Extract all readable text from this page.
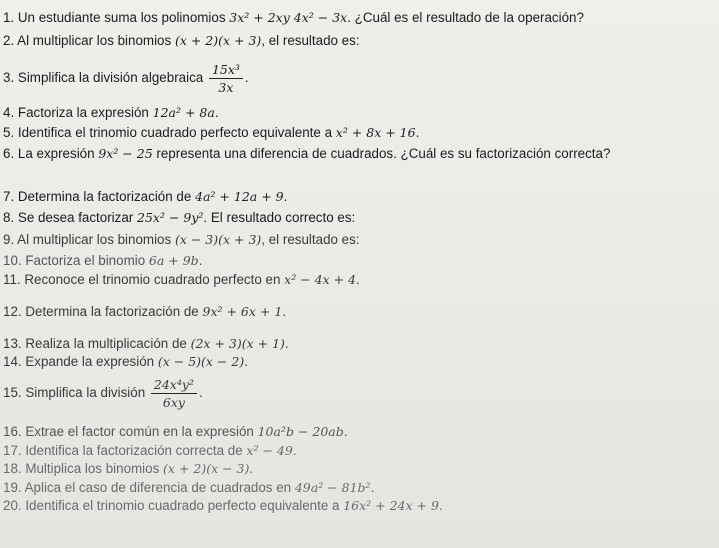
1. Un estudiante suma los polinomios 3x² + 2xy 4x² − 3x. ¿Cuál es el resultado de la operación?
2. Al multiplicar los binomios (x + 2)(x + 3), el resultado es:
3. Simplifica la división algebraica $\frac{\text{15x³}}{3x}$ .
4. Factoriza la expresión 12a² + 8a.
5. Identifica el trinomio cuadrado perfecto equivalente a x² + 8x + 16.
6. La expresión 9x² − 25 representa una diferencia de cuadrados. ¿Cuál es su factorización correcta?
7. Determina la factorización de 4a² + 12a + 9.
8. Se desea factorizar 25x² − 9y². El resultado correcto es:
9. Al multiplicar los binomios (x − 3)(x + 3), el resultado es:
10. Factoriza el binomio 6a + 9b.
11. Reconoce el trinomio cuadrado perfecto en x² − 4x + 4.
12. Determina la factorización de 9x² + 6x + 1.
13. Realiza la multiplicación de (2x + 3)(x + 1).
14. Expande la expresión (x − 5)(x − 2).
15. Simplifica la división $\frac{\text{24x⁴y²}}{6xy}$ .
16. Extrae el factor común en la expresión 10a²b − 20ab.
17. Identifica la factorización correcta de x² − 49.
18. Multiplica los binomios (x + 2)(x − 3).
19. Aplica el caso de diferencia de cuadrados en 49a² − 81b².
20. Identifica el trinomio cuadrado perfecto equivalente a 16x² + 24x + 9.
